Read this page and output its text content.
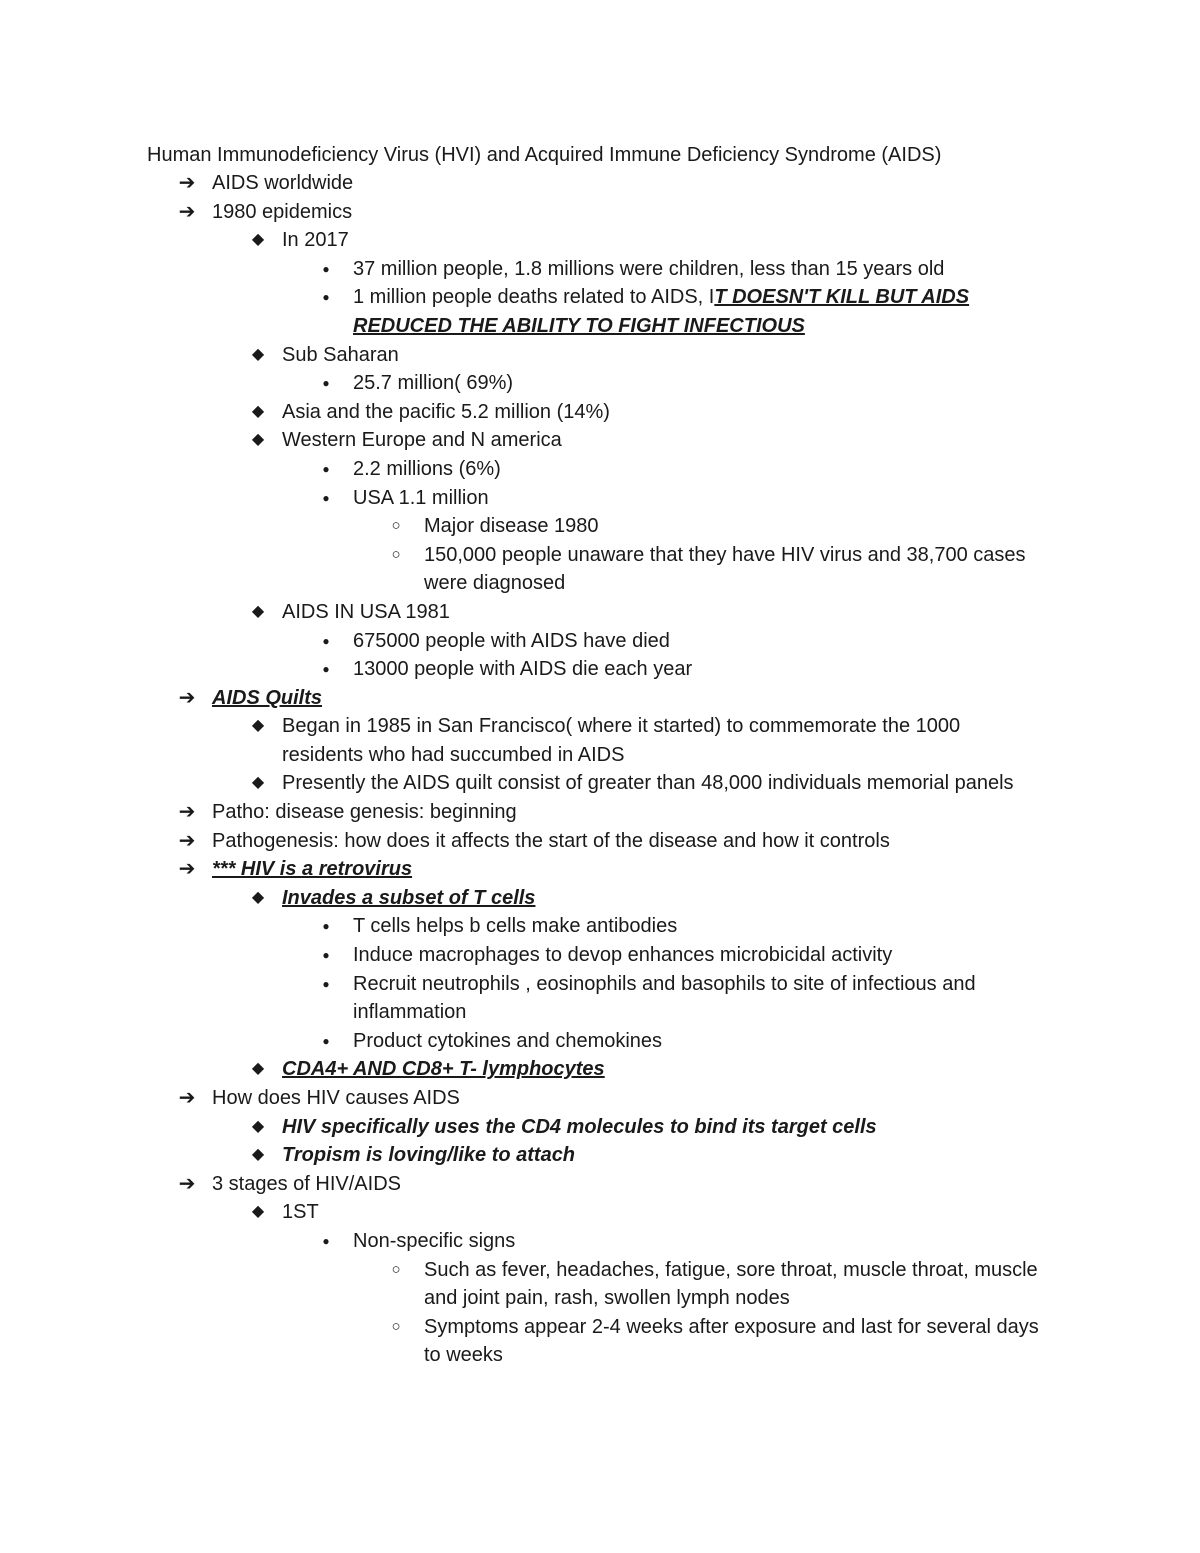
Human Immunodeficiency Virus (HVI) and Acquired Immune Deficiency Syndrome (AIDS)
➔ AIDS worldwide
➔ 1980 epidemics
◆ In 2017
●	37 million people, 1.8 millions were children, less than 15 years old
●	1 million people deaths related to AIDS, IT DOESN'T KILL BUT AIDS REDUCED THE ABILITY TO FIGHT INFECTIOUS
◆ Sub Saharan
●	25.7 million( 69%)
◆ Asia and the pacific 5.2 million (14%)
◆ Western Europe and N america
●	2.2 millions (6%)
●	USA 1.1 million
○	Major disease 1980
○	150,000 people unaware that they have HIV virus and 38,700 cases were diagnosed
◆ AIDS IN USA 1981
●	675000 people with AIDS have died
●	13000 people with AIDS die each year
➔ AIDS Quilts
◆ Began in 1985 in San Francisco( where it started) to commemorate the 1000 residents who had succumbed in AIDS
◆ Presently the AIDS quilt consist of greater than 48,000 individuals memorial panels
➔ Patho: disease genesis: beginning
➔ Pathogenesis: how does it affects the start of the disease and how it controls
➔ *** HIV is a retrovirus
◆ Invades a subset of T cells
●	T cells helps b cells make antibodies
●	Induce macrophages to devop enhances microbicidal activity
●	Recruit neutrophils , eosinophils and basophils to site of infectious and inflammation
●	Product cytokines and chemokines
◆ CDA4+ AND CD8+ T- lymphocytes
➔ How does HIV causes AIDS
◆ HIV specifically uses the CD4 molecules to bind its target cells
◆ Tropism is loving/like to attach
➔ 3 stages of HIV/AIDS
◆ 1ST
●	Non-specific signs
○	Such as fever, headaches, fatigue, sore throat, muscle throat, muscle and joint pain, rash, swollen lymph nodes
○	Symptoms appear 2-4 weeks after exposure and last for several days to weeks
